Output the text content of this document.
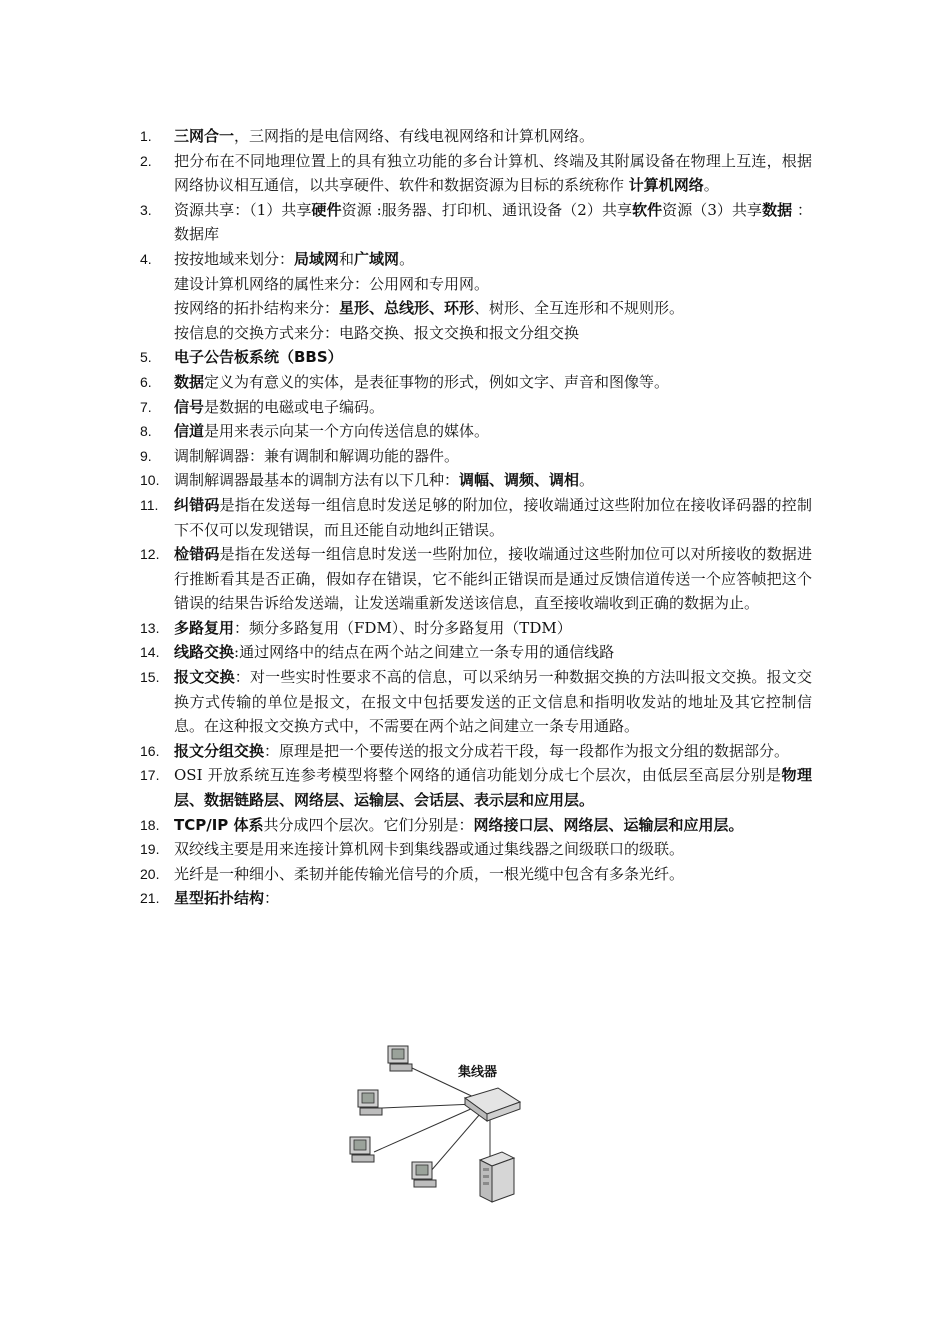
1.	三网合一，三网指的是电信网络、有线电视网络和计算机网络。
2.	把分布在不同地理位置上的具有独立功能的多台计算机、终端及其附属设备在物理上互连，根据网络协议相互通信，以共享硬件、软件和数据资源为目标的系统称作 计算机网络。
3.	资源共享：（1）共享硬件资源 :服务器、打印机、通讯设备（2）共享软件资源（3）共享数据 ： 数据库
4.	按按地域来划分：局域网和广域网。
建设计算机网络的属性来分：公用网和专用网。
按网络的拓扑结构来分：星形、总线形、环形、树形、全互连形和不规则形。
按信息的交换方式来分：电路交换、报文交换和报文分组交换
5.	电子公告板系统（BBS）
6.	数据定义为有意义的实体，是表征事物的形式，例如文字、声音和图像等。
7.	信号是数据的电磁或电子编码。
8.	信道是用来表示向某一个方向传送信息的媒体。
9.	调制解调器：兼有调制和解调功能的器件。
10. 调制解调器最基本的调制方法有以下几种：调幅、调频、调相。
11.	纠错码是指在发送每一组信息时发送足够的附加位，接收端通过这些附加位在接收译码器的控制下不仅可以发现错误，而且还能自动地纠正错误。
12. 检错码是指在发送每一组信息时发送一些附加位，接收端通过这些附加位可以对所接收的数据进行推断看其是否正确，假如存在错误，它不能纠正错误而是通过反馈信道传送一个应答帧把这个错误的结果告诉给发送端，让发送端重新发送该信息，直至接收端收到正确的数据为止。
13. 多路复用：频分多路复用（FDM）、时分多路复用（TDM）
14. 线路交换:通过网络中的结点在两个站之间建立一条专用的通信线路
15. 报文交换：对一些实时性要求不高的信息，可以采纳另一种数据交换的方法叫报文交换。报文交换方式传输的单位是报文，在报文中包括要发送的正文信息和指明收发站的地址及其它控制信息。在这种报文交换方式中，不需要在两个站之间建立一条专用通路。
16. 报文分组交换：原理是把一个要传送的报文分成若干段，每一段都作为报文分组的数据部分。
17. OSI 开放系统互连参考模型将整个网络的通信功能划分成七个层次，由低层至高层分别是物理层、数据链路层、网络层、运输层、会话层、表示层和应用层。
18. TCP/IP 体系共分成四个层次。它们分别是：网络接口层、网络层、运输层和应用层。
19. 双绞线主要是用来连接计算机网卡到集线器或通过集线器之间级联口的级联。
20. 光纤是一种细小、柔韧并能传输光信号的介质，一根光缆中包含有多条光纤。
21. 星型拓扑结构：
集线器
